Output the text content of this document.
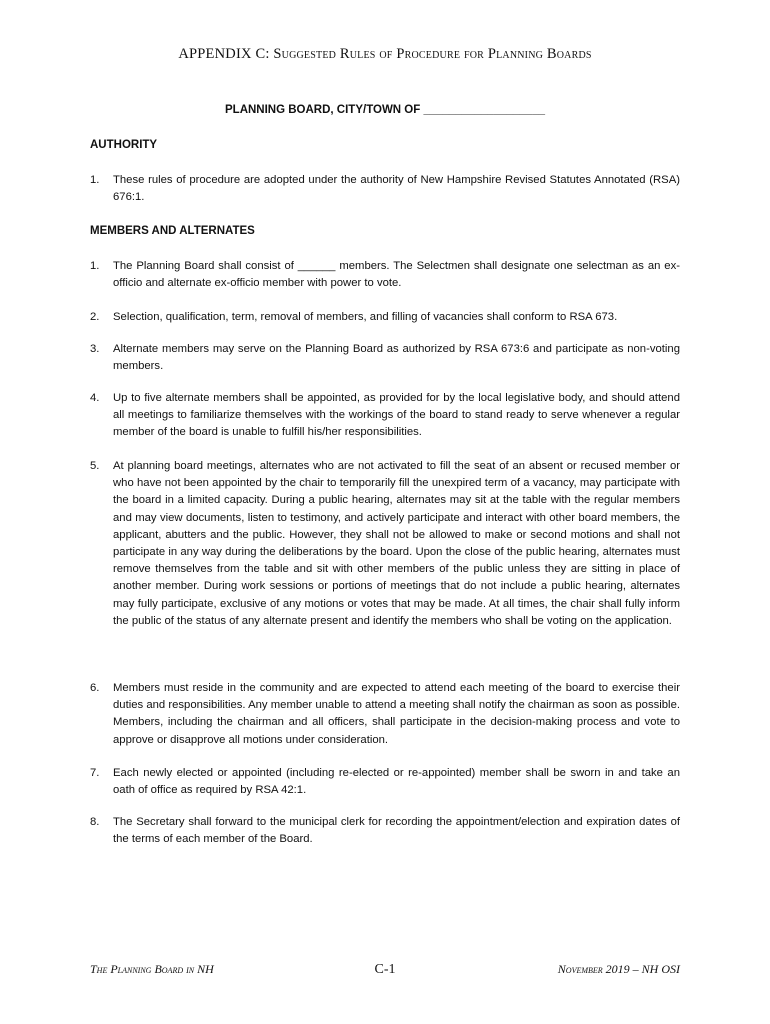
APPENDIX C: Suggested Rules of Procedure for Planning Boards
PLANNING BOARD, CITY/TOWN OF ___________________
AUTHORITY
1.	These rules of procedure are adopted under the authority of New Hampshire Revised Statutes Annotated (RSA) 676:1.
MEMBERS AND ALTERNATES
1.	The Planning Board shall consist of ______ members. The Selectmen shall designate one selectman as an ex-officio and alternate ex-officio member with power to vote.
2.	Selection, qualification, term, removal of members, and filling of vacancies shall conform to RSA 673.
3.	Alternate members may serve on the Planning Board as authorized by RSA 673:6 and participate as non-voting members.
4.	Up to five alternate members shall be appointed, as provided for by the local legislative body, and should attend all meetings to familiarize themselves with the workings of the board to stand ready to serve whenever a regular member of the board is unable to fulfill his/her responsibilities.
5.	At planning board meetings, alternates who are not activated to fill the seat of an absent or recused member or who have not been appointed by the chair to temporarily fill the unexpired term of a vacancy, may participate with the board in a limited capacity. During a public hearing, alternates may sit at the table with the regular members and may view documents, listen to testimony, and actively participate and interact with other board members, the applicant, abutters and the public. However, they shall not be allowed to make or second motions and shall not participate in any way during the deliberations by the board. Upon the close of the public hearing, alternates must remove themselves from the table and sit with other members of the public unless they are sitting in place of another member. During work sessions or portions of meetings that do not include a public hearing, alternates may fully participate, exclusive of any motions or votes that may be made. At all times, the chair shall fully inform the public of the status of any alternate present and identify the members who shall be voting on the application.
6.	Members must reside in the community and are expected to attend each meeting of the board to exercise their duties and responsibilities. Any member unable to attend a meeting shall notify the chairman as soon as possible. Members, including the chairman and all officers, shall participate in the decision-making process and vote to approve or disapprove all motions under consideration.
7.	Each newly elected or appointed (including re-elected or re-appointed) member shall be sworn in and take an oath of office as required by RSA 42:1.
8.	The Secretary shall forward to the municipal clerk for recording the appointment/election and expiration dates of the terms of each member of the Board.
The Planning Board in NH	C-1	November 2019 – NH OSI
